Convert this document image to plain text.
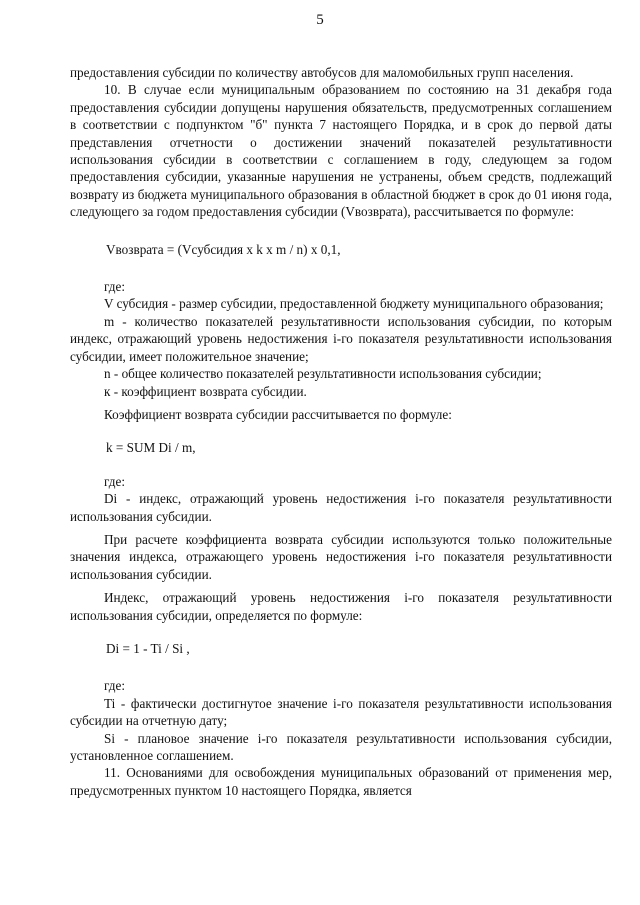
5

предоставления субсидии по количеству автобусов для маломобильных групп населения.

10. В случае если муниципальным образованием по состоянию на 31 декабря года предоставления субсидии допущены нарушения обязательств, предусмотренных соглашением в соответствии с подпунктом "б" пункта 7 настоящего Порядка, и в срок до первой даты представления отчетности о достижении значений показателей результативности использования субсидии в соответствии с соглашением в году, следующем за годом предоставления субсидии, указанные нарушения не устранены, объем средств, подлежащий возврату из бюджета муниципального образования в областной бюджет в срок до 01 июня года, следующего за годом предоставления субсидии (Vвозврата), рассчитывается по формуле:

Vвозврата = (Vсубсидия x k x m / n) x 0,1,

где:

V субсидия - размер субсидии, предоставленной бюджету муниципального образования;

m - количество показателей результативности использования субсидии, по которым индекс, отражающий уровень недостижения i-го показателя результативности использования субсидии, имеет положительное значение;

n - общее количество показателей результативности использования субсидии;

к - коэффициент возврата субсидии.

Коэффициент возврата субсидии рассчитывается по формуле:

k = SUM Di / m,

где:

Di - индекс, отражающий уровень недостижения i-го показателя результативности использования субсидии.

При расчете коэффициента возврата субсидии используются только положительные значения индекса, отражающего уровень недостижения i-го показателя результативности использования субсидии.

Индекс, отражающий уровень недостижения i-го показателя результативности использования субсидии, определяется по формуле:

Di = 1 - Ti / Si ,

где:

Ti - фактически достигнутое значение i-го показателя результативности использования субсидии на отчетную дату;

Si - плановое значение i-го показателя результативности использования субсидии, установленное соглашением.

11. Основаниями для освобождения муниципальных образований от применения мер, предусмотренных пунктом 10 настоящего Порядка, является
